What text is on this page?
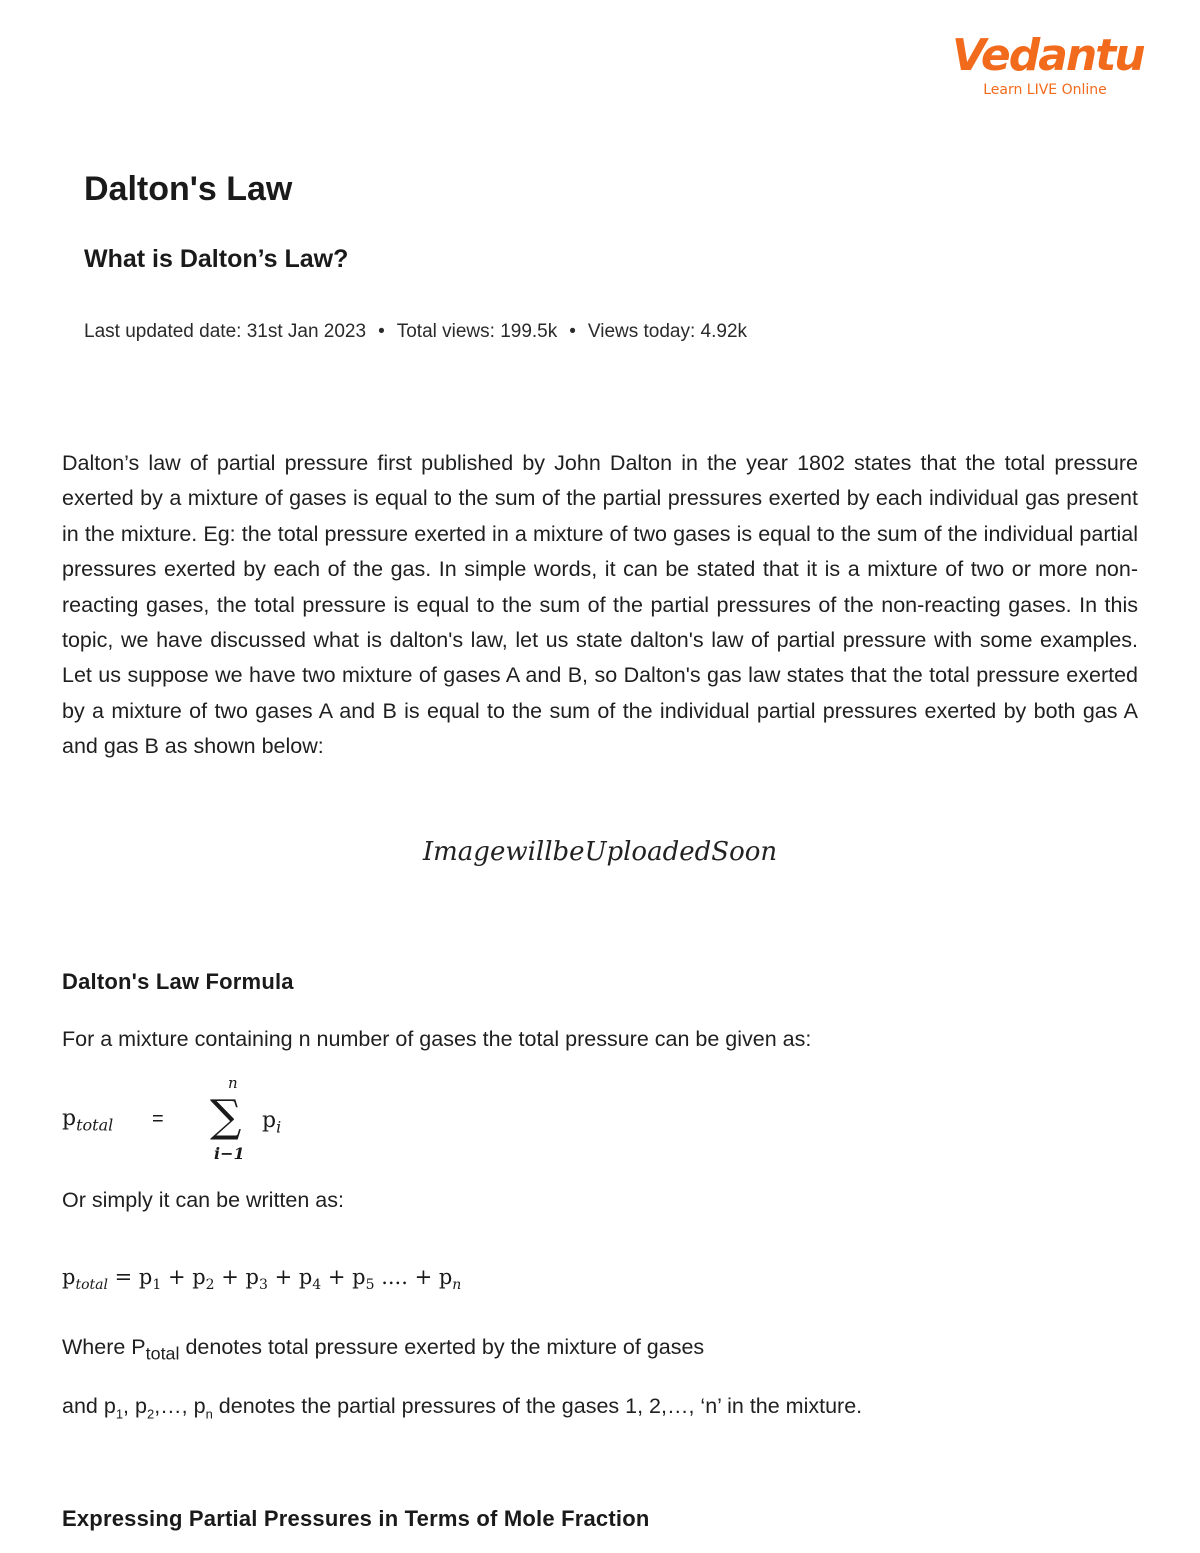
Vedantu
Learn LIVE Online
Dalton's Law
What is Dalton’s Law?
Last updated date: 31st Jan 2023 • Total views: 199.5k • Views today: 4.92k

Dalton’s law of partial pressure first published by John Dalton in the year 1802 states that the total pressure exerted by a mixture of gases is equal to the sum of the partial pressures exerted by each individual gas present in the mixture. Eg: the total pressure exerted in a mixture of two gases is equal to the sum of the individual partial pressures exerted by each of the gas. In simple words, it can be stated that it is a mixture of two or more non-reacting gases, the total pressure is equal to the sum of the partial pressures of the non-reacting gases. In this topic, we have discussed what is dalton's law, let us state dalton's law of partial pressure with some examples. Let us suppose we have two mixture of gases A and B, so Dalton's gas law states that the total pressure exerted by a mixture of two gases A and B is equal to the sum of the individual partial pressures exerted by both gas A and gas B as shown below:

ImagewillbeUploadedSoon
Dalton's Law Formula

For a mixture containing n number of gases the total pressure can be given as:

$p_{total}$ =
n
∑
i−1
$p_i$

Or simply it can be written as:

$p_{total} = p_1 + p_2 + p_3 + p_4 + p_5$ .... + $p_n$

Where $P_{total}$ denotes total pressure exerted by the mixture of gases

and $p_1$, $p_2,\dots$, $p_n$ denotes the partial pressures of the gases 1, 2,…, ‘n’ in the mixture.

Expressing Partial Pressures in Terms of Mole Fraction
